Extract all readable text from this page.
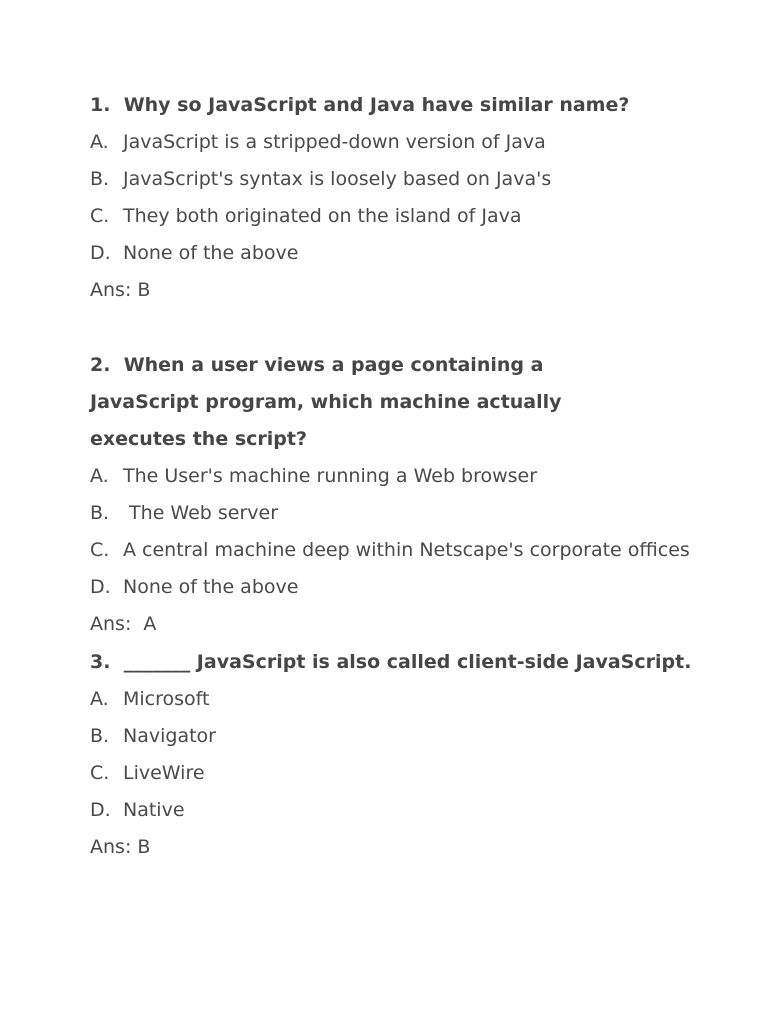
1. Why so JavaScript and Java have similar name?
A. JavaScript is a stripped-down version of Java
B. JavaScript's syntax is loosely based on Java's
C. They both originated on the island of Java
D. None of the above
Ans: B
2. When a user views a page containing a JavaScript program, which machine actually executes the script?
A. The User's machine running a Web browser
B. The Web server
C. A central machine deep within Netscape's corporate offices
D. None of the above
Ans:  A
3. _______ JavaScript is also called client-side JavaScript.
A. Microsoft
B. Navigator
C. LiveWire
D. Native
Ans: B
